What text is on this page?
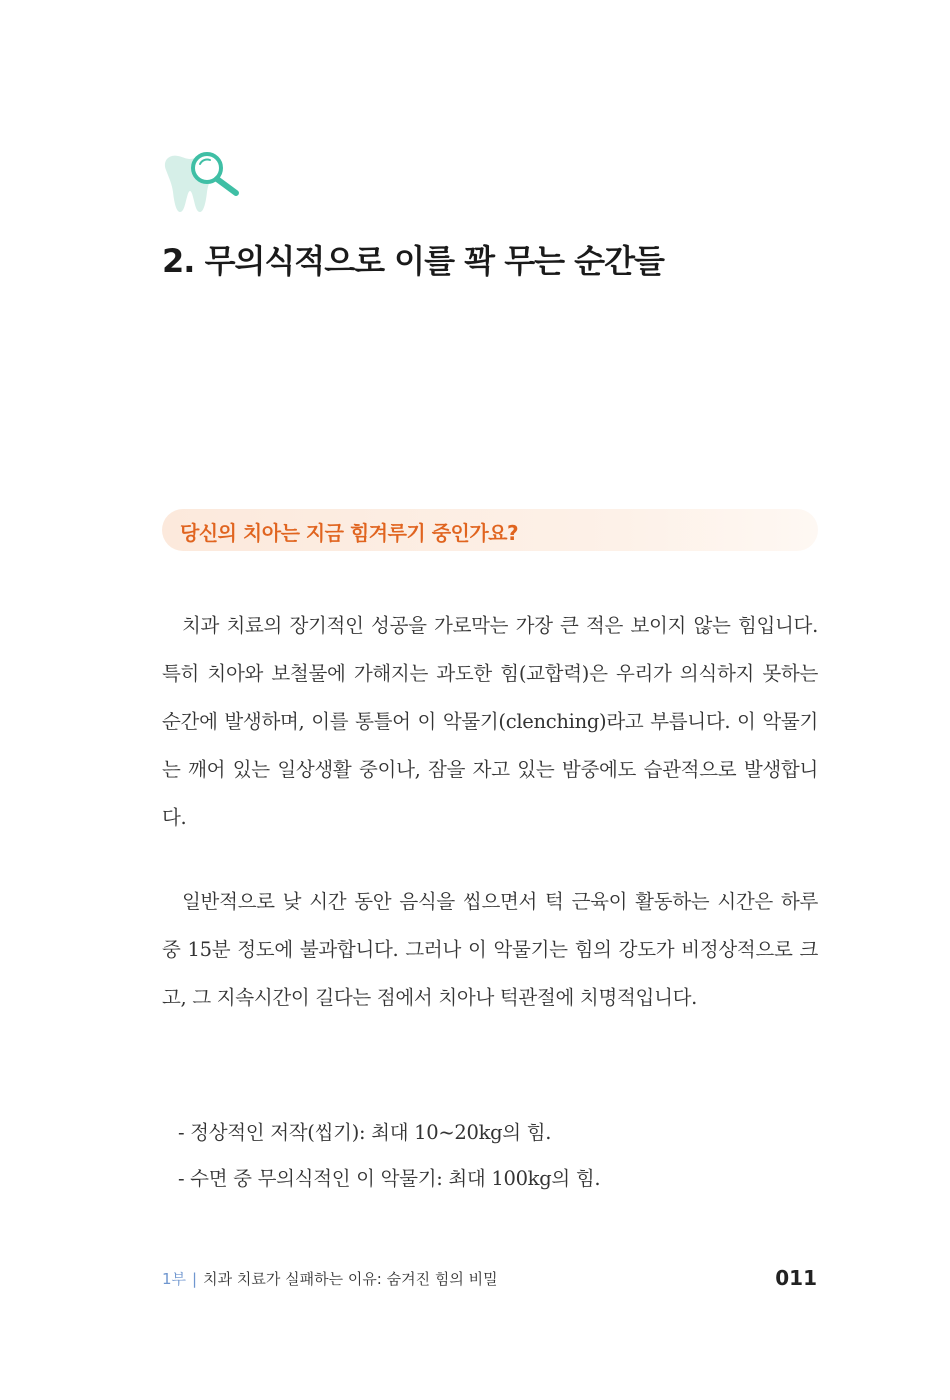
2. 무의식적으로 이를 꽉 무는 순간들
당신의 치아는 지금 힘겨루기 중인가요?

치과 치료의 장기적인 성공을 가로막는 가장 큰 적은 보이지 않는 힘입니다. 특히 치아와 보철물에 가해지는 과도한 힘(교합력)은 우리가 의식하지 못하는 순간에 발생하며, 이를 통틀어 이 악물기(clenching)라고 부릅니다. 이 악물기는 깨어 있는 일상생활 중이나, 잠을 자고 있는 밤중에도 습관적으로 발생합니다.

일반적으로 낮 시간 동안 음식을 씹으면서 턱 근육이 활동하는 시간은 하루 중 15분 정도에 불과합니다. 그러나 이 악물기는 힘의 강도가 비정상적으로 크고, 그 지속시간이 길다는 점에서 치아나 턱관절에 치명적입니다.

- 정상적인 저작(씹기): 최대 10~20kg의 힘.
- 수면 중 무의식적인 이 악물기: 최대 100kg의 힘.
1부 | 치과 치료가 실패하는 이유: 숨겨진 힘의 비밀	011
